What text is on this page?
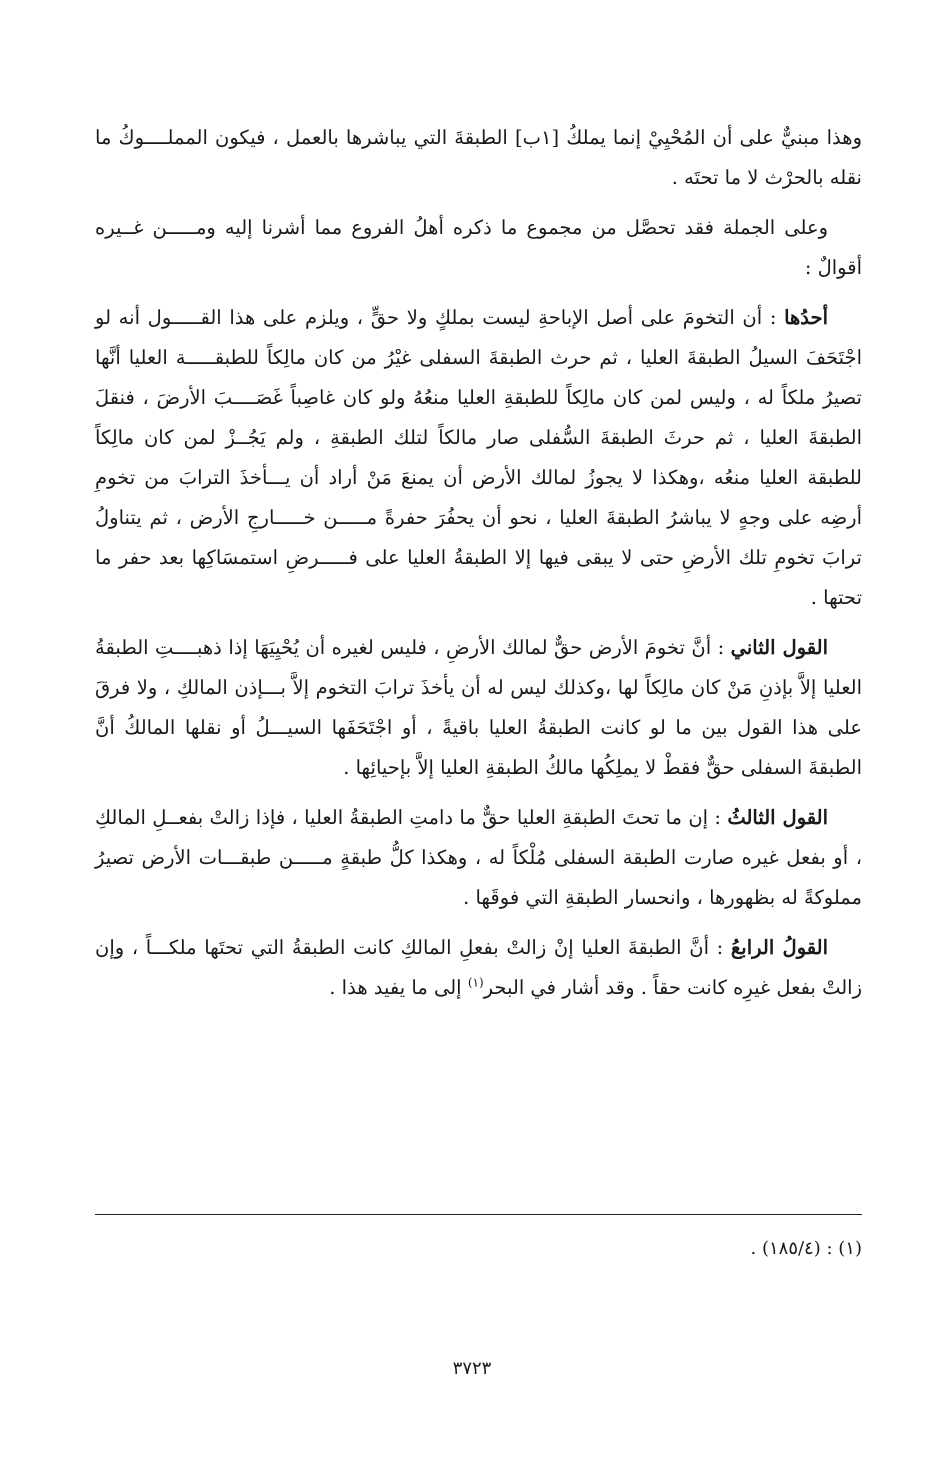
وهذا مبنيٌّ على أن المُحْيِيْ إنما يملكُ [١ب] الطبقةَ التي يباشرها بالعمل ، فيكون المملــــوكُ ما نقله بالحرْث لا ما تحتَه .

وعلى الجملة فقد تحصَّل من مجموع ما ذكره أهلُ الفروع مما أشرنا إليه ومـــــن غــيره أقوالٌ :

أحدُها : أن التخومَ على أصل الإباحةِ ليست بملكٍ ولا حقٍّ ، ويلزم على هذا القـــــول أنه لو اجْتَحَفَ السيلُ الطبقةَ العليا ، ثم حرث الطبقةَ السفلى غيْرُ من كان مالِكاً للطبقـــــة العليا أنَّها تصيرُ ملكاً له ، وليس لمن كان مالِكاً للطبقةِ العليا منعُهُ ولو كان غاصِباً غَصَــــبَ الأرضَ ، فنقلَ الطبقةَ العليا ، ثم حرثَ الطبقةَ السُّفلى صار مالكاً لتلك الطبقةِ ، ولم يَجُــزْ لمن كان مالِكاً للطبقة العليا منعُه ،وهكذا لا يجوزُ لمالك الأرض أن يمنعَ مَنْ أراد أن يـــأخذَ الترابَ من تخومِ أرضِه على وجهٍ لا يباشرُ الطبقةَ العليا ، نحو أن يحفُرَ حفرةً مـــــن خـــــارجِ الأرض ، ثم يتناولُ ترابَ تخومِ تلك الأرضِ حتى لا يبقى فيها إلا الطبقةُ العليا على فـــــرضِ استمسَاكِها بعد حفر ما تحتها .

القول الثاني : أنَّ تخومَ الأرض حقٌّ لمالك الأرضِ ، فليس لغيره أن يُحْيِيَهَا إذا ذهبــــتِ الطبقةُ العليا إلاَّ بإذنِ مَنْ كان مالِكاً لها ،وكذلك ليس له أن يأخذَ ترابَ التخوم إلاَّ بـــإذن المالكِ ، ولا فرقَ على هذا القول بين ما لو كانت الطبقةُ العليا باقيةً ، أو اجْتَحَفَها السيـــلُ أو نقلها المالكُ أنَّ الطبقةَ السفلى حقٌّ فقطْ لا يملِكُها مالكُ الطبقةِ العليا إلاَّ بإحيائِها .

القول الثالثُ : إن ما تحتَ الطبقةِ العليا حقٌّ ما دامتِ الطبقةُ العليا ، فإذا زالتْ بفعــلِ المالكِ ، أو بفعل غيره صارت الطبقة السفلى مُلْكاً له ، وهكذا كلُّ طبقةٍ مـــــن طبقـــات الأرض تصيرُ مملوكةً له بظهورها ، وانحسار الطبقةِ التي فوقَها .

القولُ الرابعُ : أنَّ الطبقةَ العليا إنْ زالتْ بفعلِ المالكِ كانت الطبقةُ التي تحتَها ملكـــاً ، وإن زالتْ بفعل غيرِه كانت حقاً . وقد أشار في البحر$^{(١)}$ إلى ما يفيد هذا .

(١) : (١٨٥/٤) .
٣٧٢٣
